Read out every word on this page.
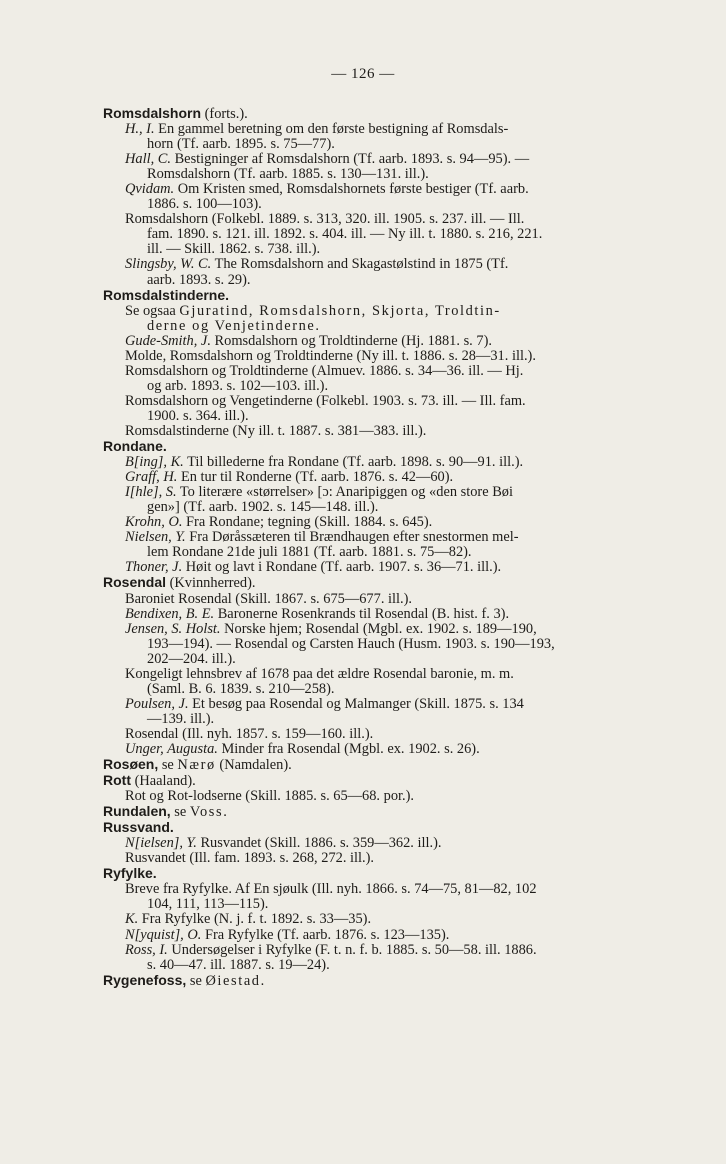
— 126 —
Romsdalshorn (forts.).
H., I. En gammel beretning om den første bestigning af Romsdals-
horn (Tf. aarb. 1895. s. 75—77).
Hall, C. Bestigninger af Romsdalshorn (Tf. aarb. 1893. s. 94—95). —
Romsdalshorn (Tf. aarb. 1885. s. 130—131. ill.).
Qvidam. Om Kristen smed, Romsdalshornets første bestiger (Tf. aarb.
1886. s. 100—103).
Romsdalshorn (Folkebl. 1889. s. 313, 320. ill. 1905. s. 237. ill. — Ill.
fam. 1890. s. 121. ill. 1892. s. 404. ill. — Ny ill. t. 1880. s. 216, 221.
ill. — Skill. 1862. s. 738. ill.).
Slingsby, W. C. The Romsdalshorn and Skagastølstind in 1875 (Tf.
aarb. 1893. s. 29).
Romsdalstinderne.
Se ogsaa Gjuratind, Romsdalshorn, Skjorta, Troldtin-
derne og Venjetinderne.
Gude-Smith, J. Romsdalshorn og Troldtinderne (Hj. 1881. s. 7).
Molde, Romsdalshorn og Troldtinderne (Ny ill. t. 1886. s. 28—31. ill.).
Romsdalshorn og Troldtinderne (Almuev. 1886. s. 34—36. ill. — Hj.
og arb. 1893. s. 102—103. ill.).
Romsdalshorn og Vengetinderne (Folkebl. 1903. s. 73. ill. — Ill. fam.
1900. s. 364. ill.).
Romsdalstinderne (Ny ill. t. 1887. s. 381—383. ill.).
Rondane.
B[ing], K. Til billederne fra Rondane (Tf. aarb. 1898. s. 90—91. ill.).
Graff, H. En tur til Ronderne (Tf. aarb. 1876. s. 42—60).
I[hle], S. To literære «størrelser» [ɔ: Anaripiggen og «den store Bøi
gen»] (Tf. aarb. 1902. s. 145—148. ill.).
Krohn, O. Fra Rondane; tegning (Skill. 1884. s. 645).
Nielsen, Y. Fra Døråssæteren til Brændhaugen efter snestormen mel-
lem Rondane 21de juli 1881 (Tf. aarb. 1881. s. 75—82).
Thoner, J. Høit og lavt i Rondane (Tf. aarb. 1907. s. 36—71. ill.).
Rosendal (Kvinnherred).
Baroniet Rosendal (Skill. 1867. s. 675—677. ill.).
Bendixen, B. E. Baronerne Rosenkrands til Rosendal (B. hist. f. 3).
Jensen, S. Holst. Norske hjem; Rosendal (Mgbl. ex. 1902. s. 189—190,
193—194). — Rosendal og Carsten Hauch (Husm. 1903. s. 190—193,
202—204. ill.).
Kongeligt lehnsbrev af 1678 paa det ældre Rosendal baronie, m. m.
(Saml. B. 6. 1839. s. 210—258).
Poulsen, J. Et besøg paa Rosendal og Malmanger (Skill. 1875. s. 134
—139. ill.).
Rosendal (Ill. nyh. 1857. s. 159—160. ill.).
Unger, Augusta. Minder fra Rosendal (Mgbl. ex. 1902. s. 26).
Rosøen, se Nærø (Namdalen).
Rott (Haaland).
Rot og Rot-lodserne (Skill. 1885. s. 65—68. por.).
Rundalen, se Voss.
Russvand.
N[ielsen], Y. Rusvandet (Skill. 1886. s. 359—362. ill.).
Rusvandet (Ill. fam. 1893. s. 268, 272. ill.).
Ryfylke.
Breve fra Ryfylke. Af En sjøulk (Ill. nyh. 1866. s. 74—75, 81—82, 102
104, 111, 113—115).
K. Fra Ryfylke (N. j. f. t. 1892. s. 33—35).
N[yquist], O. Fra Ryfylke (Tf. aarb. 1876. s. 123—135).
Ross, I. Undersøgelser i Ryfylke (F. t. n. f. b. 1885. s. 50—58. ill. 1886.
s. 40—47. ill. 1887. s. 19—24).
Rygenefoss, se Øiestad.
